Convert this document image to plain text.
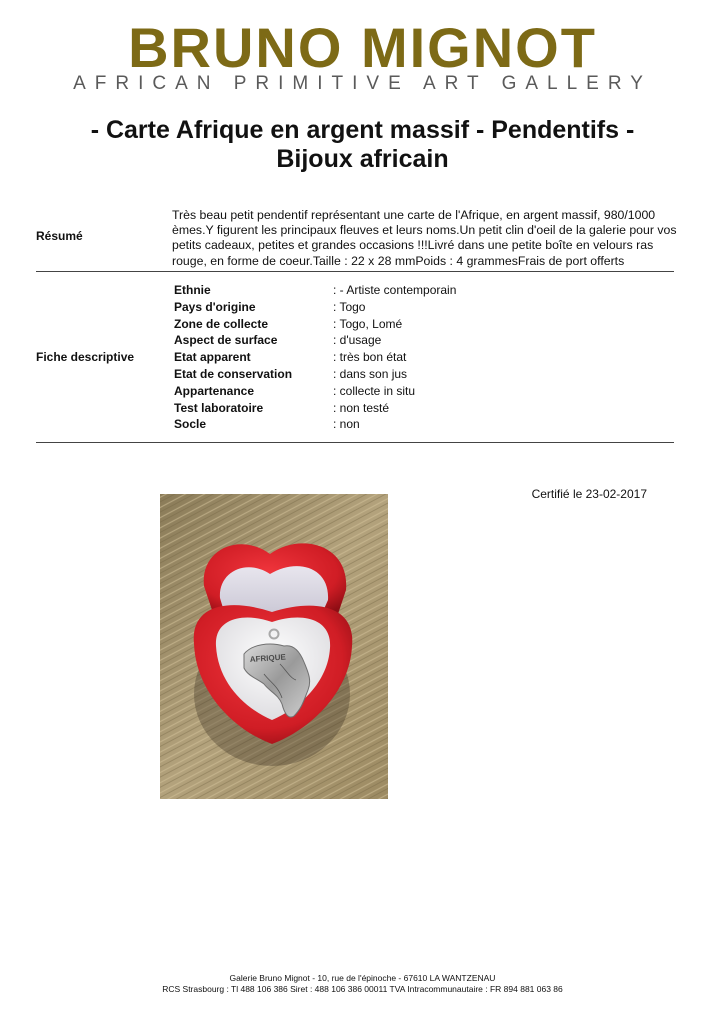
BRUNO MIGNOT
AFRICAN PRIMITIVE ART GALLERY
- Carte Afrique en argent massif - Pendentifs -
Bijoux africain
Résumé
Très beau petit pendentif représentant une carte de l'Afrique, en argent massif, 980/1000 èmes.Y figurent les principaux fleuves et leurs noms.Un petit clin d'oeil de la galerie pour vos petits cadeaux, petites et grandes occasions !!!Livré dans une petite boîte en velours ras rouge, en forme de coeur.Taille : 22 x 28 mmPoids : 4 grammesFrais de port offerts
Fiche descriptive
Ethnie	: - Artiste contemporain
Pays d'origine	: Togo
Zone de collecte	: Togo, Lomé
Aspect de surface	: d'usage
Etat apparent	: très bon état
Etat de conservation	: dans son jus
Appartenance	: collecte in situ
Test laboratoire	: non testé
Socle	: non
Certifié le 23-02-2017
AFRIQUE
Galerie Bruno Mignot - 10, rue de l'épinoche - 67610 LA WANTZENAU
RCS Strasbourg : Tl 488 106 386 Siret : 488 106 386 00011 TVA Intracommunautaire : FR 894 881 063 86
